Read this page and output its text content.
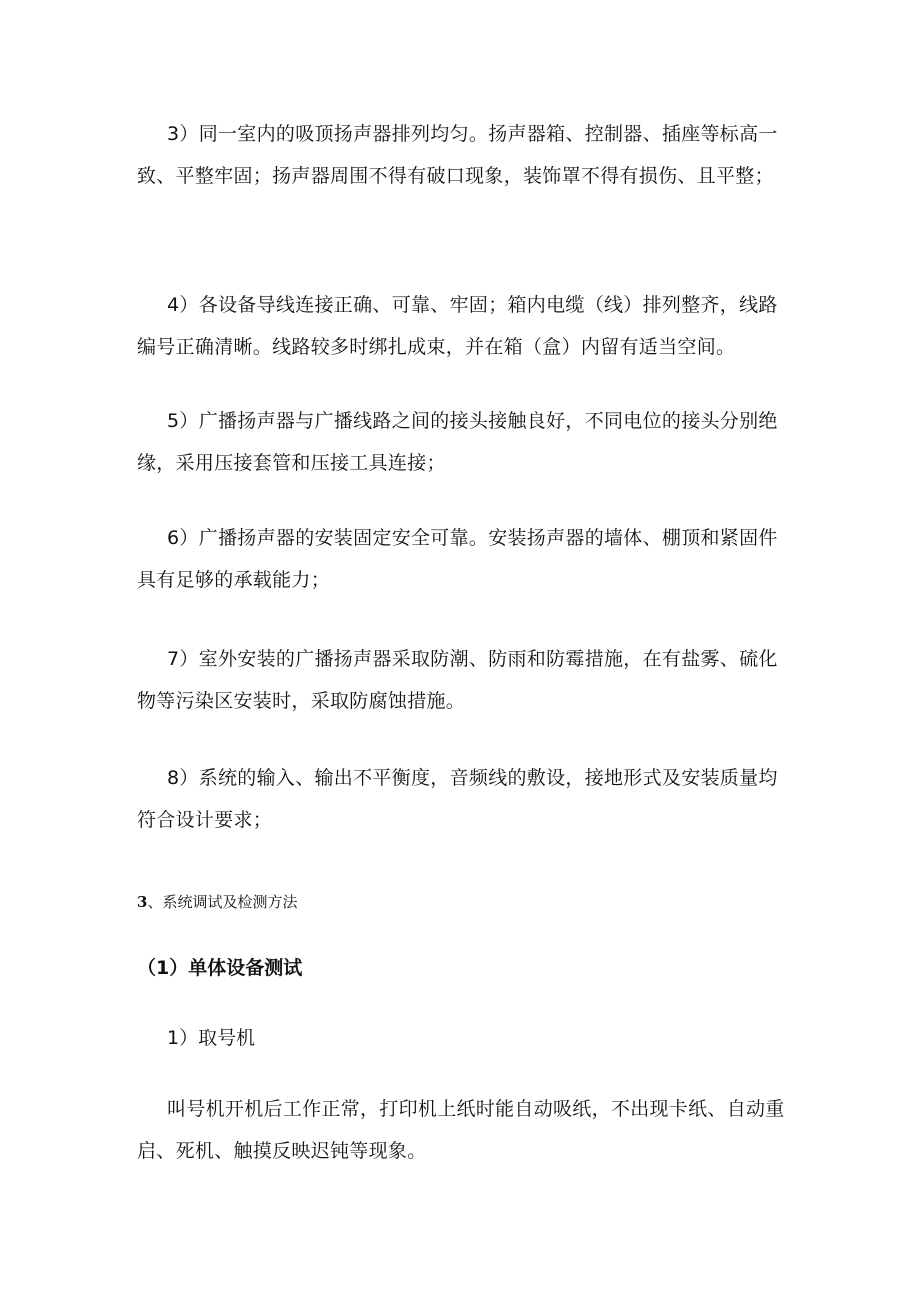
3）同一室内的吸顶扬声器排列均匀。扬声器箱、控制器、插座等标高一致、平整牢固；扬声器周围不得有破口现象，装饰罩不得有损伤、且平整；

4）各设备导线连接正确、可靠、牢固；箱内电缆（线）排列整齐，线路编号正确清晰。线路较多时绑扎成束，并在箱（盒）内留有适当空间。

5）广播扬声器与广播线路之间的接头接触良好，不同电位的接头分别绝缘，采用压接套管和压接工具连接；

6）广播扬声器的安装固定安全可靠。安装扬声器的墙体、棚顶和紧固件具有足够的承载能力；

7）室外安装的广播扬声器采取防潮、防雨和防霉措施，在有盐雾、硫化物等污染区安装时，采取防腐蚀措施。

8）系统的输入、输出不平衡度，音频线的敷设，接地形式及安装质量均符合设计要求；

3、系统调试及检测方法

（1）单体设备测试

1）取号机

叫号机开机后工作正常，打印机上纸时能自动吸纸，不出现卡纸、自动重启、死机、触摸反映迟钝等现象。
